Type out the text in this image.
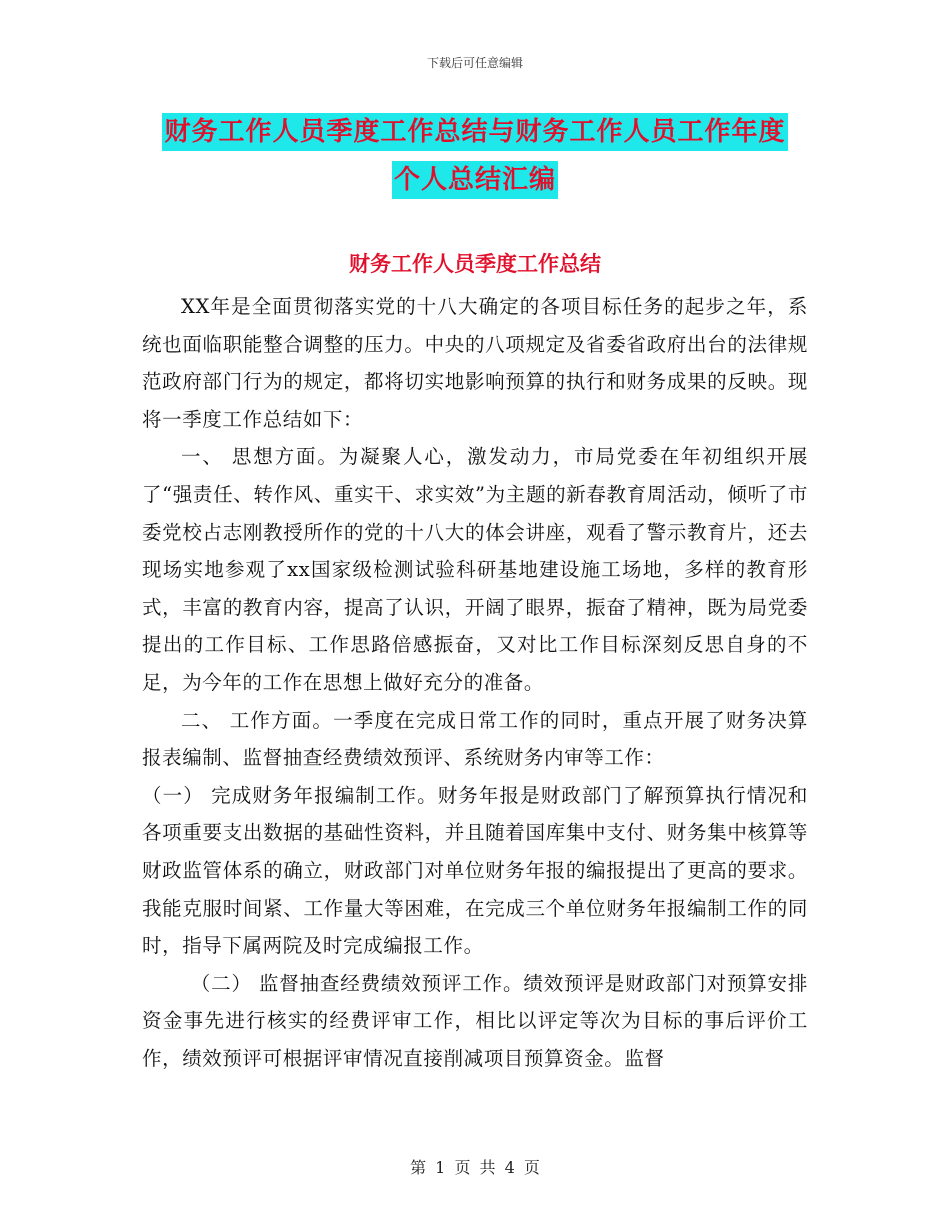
下载后可任意编辑
财务工作人员季度工作总结与财务工作人员工作年度
个人总结汇编
财务工作人员季度工作总结

XX年是全面贯彻落实党的十八大确定的各项目标任务的起步之年，系统也面临职能整合调整的压力。中央的八项规定及省委省政府出台的法律规范政府部门行为的规定，都将切实地影响预算的执行和财务成果的反映。现将一季度工作总结如下：

一、 思想方面。为凝聚人心，激发动力，市局党委在年初组织开展了“强责任、转作风、重实干、求实效”为主题的新春教育周活动，倾听了市委党校占志刚教授所作的党的十八大的体会讲座，观看了警示教育片，还去现场实地参观了xx国家级检测试验科研基地建设施工场地，多样的教育形式，丰富的教育内容，提高了认识，开阔了眼界，振奋了精神，既为局党委提出的工作目标、工作思路倍感振奋，又对比工作目标深刻反思自身的不足，为今年的工作在思想上做好充分的准备。

二、 工作方面。一季度在完成日常工作的同时，重点开展了财务决算报表编制、监督抽查经费绩效预评、系统财务内审等工作：

（一） 完成财务年报编制工作。财务年报是财政部门了解预算执行情况和各项重要支出数据的基础性资料，并且随着国库集中支付、财务集中核算等财政监管体系的确立，财政部门对单位财务年报的编报提出了更高的要求。我能克服时间紧、工作量大等困难，在完成三个单位财务年报编制工作的同时，指导下属两院及时完成编报工作。

（二） 监督抽查经费绩效预评工作。绩效预评是财政部门对预算安排资金事先进行核实的经费评审工作，相比以评定等次为目标的事后评价工作，绩效预评可根据评审情况直接削减项目预算资金。监督

第 1 页 共 4 页
